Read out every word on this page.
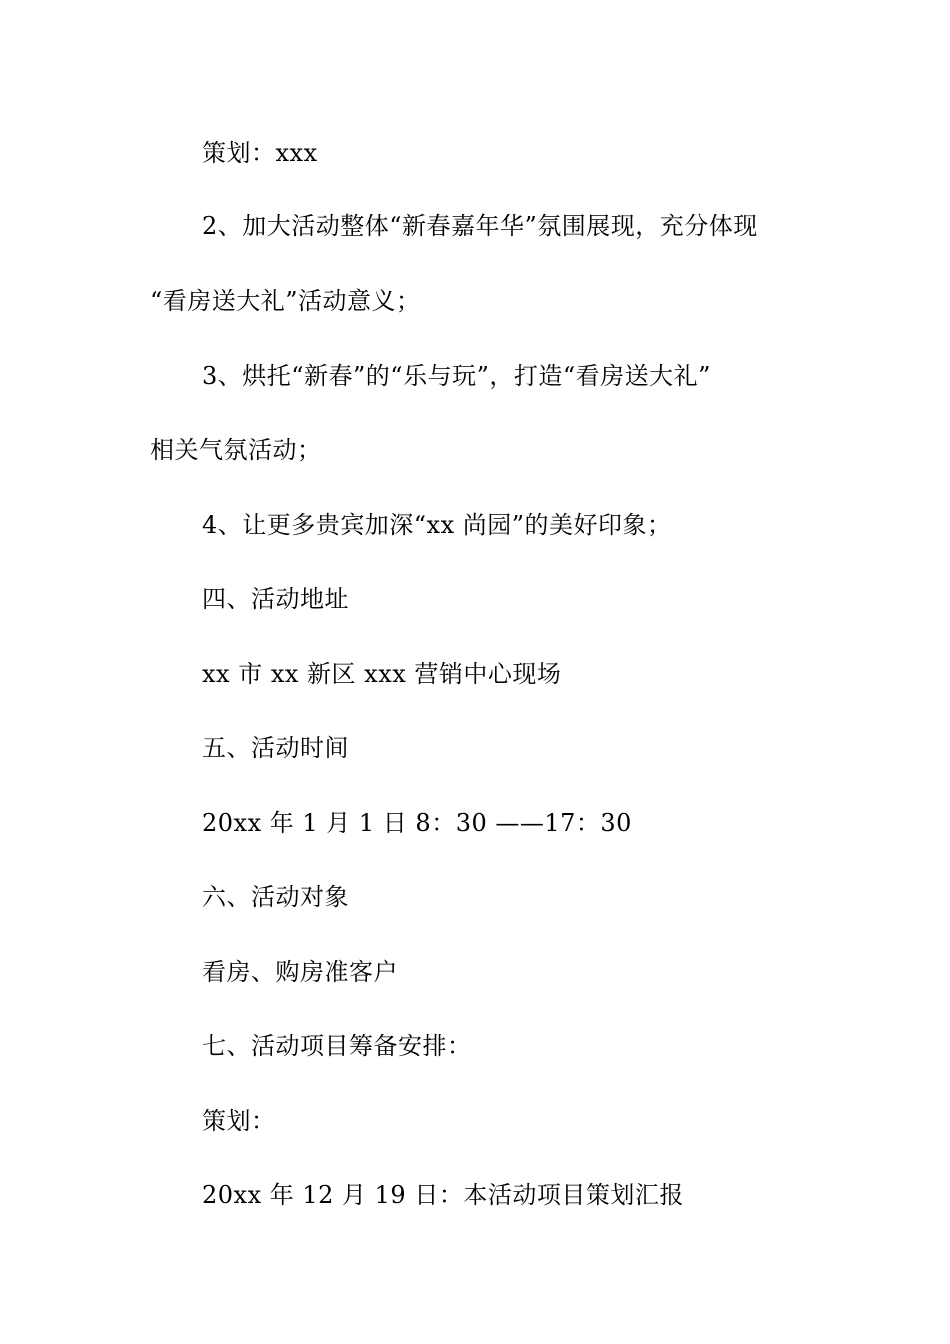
策划：xxx
2、加大活动整体“新春嘉年华”氛围展现，充分体现
“看房送大礼”活动意义；
3、烘托“新春”的“乐与玩”，打造“看房送大礼”
相关气氛活动；
4、让更多贵宾加深“xx 尚园”的美好印象；
四、活动地址
xx 市 xx 新区 xxx 营销中心现场
五、活动时间
20xx 年 1 月 1 日 8：30 ——17：30
六、活动对象
看房、购房准客户
七、活动项目筹备安排：
策划：
20xx 年 12 月 19 日：本活动项目策划汇报
